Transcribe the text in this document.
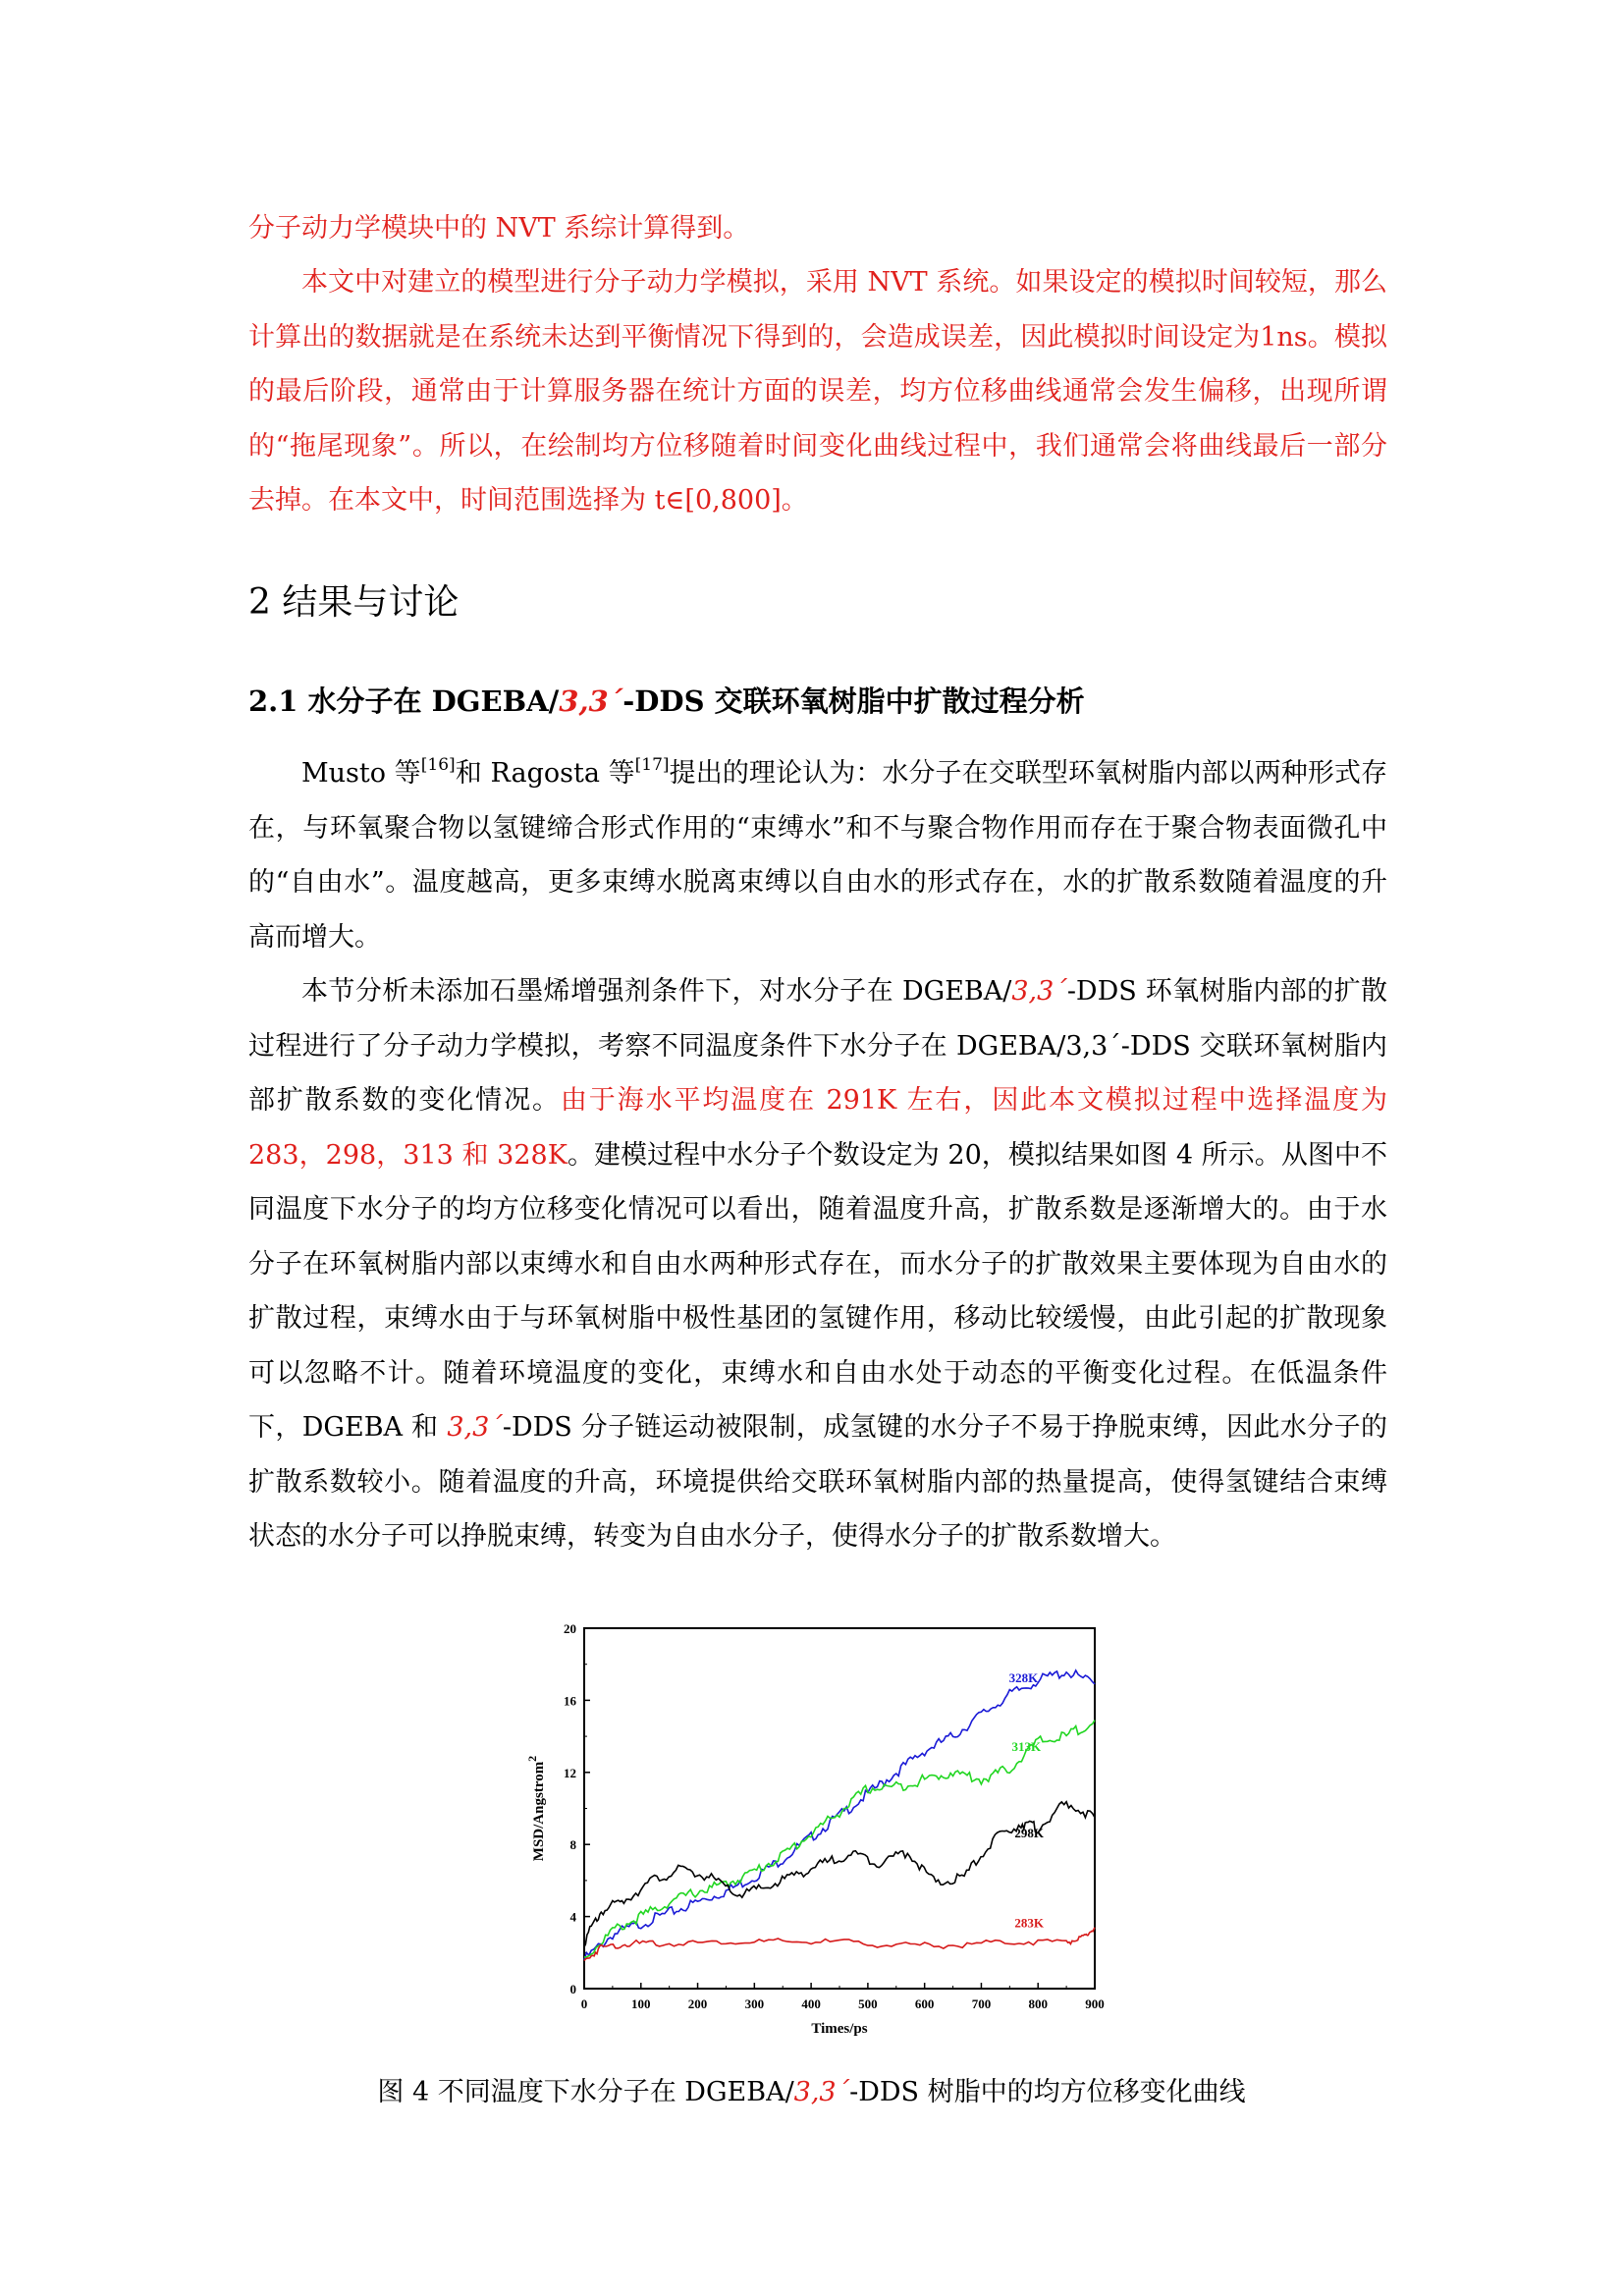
分子动力学模块中的 NVT 系综计算得到。

本文中对建立的模型进行分子动力学模拟，采用 NVT 系统。如果设定的模拟时间较短，那么计算出的数据就是在系统未达到平衡情况下得到的，会造成误差，因此模拟时间设定为1ns。模拟的最后阶段，通常由于计算服务器在统计方面的误差，均方位移曲线通常会发生偏移，出现所谓的“拖尾现象”。所以，在绘制均方位移随着时间变化曲线过程中，我们通常会将曲线最后一部分去掉。在本文中，时间范围选择为 t∈[0,800]。

2 结果与讨论
2.1 水分子在 DGEBA/3,3´-DDS 交联环氧树脂中扩散过程分析

Musto 等[16]和 Ragosta 等[17]提出的理论认为：水分子在交联型环氧树脂内部以两种形式存在，与环氧聚合物以氢键缔合形式作用的“束缚水”和不与聚合物作用而存在于聚合物表面微孔中的“自由水”。温度越高，更多束缚水脱离束缚以自由水的形式存在，水的扩散系数随着温度的升高而增大。

本节分析未添加石墨烯增强剂条件下，对水分子在 DGEBA/3,3´-DDS 环氧树脂内部的扩散过程进行了分子动力学模拟，考察不同温度条件下水分子在 DGEBA/3,3´-DDS 交联环氧树脂内部扩散系数的变化情况。由于海水平均温度在 291K 左右，因此本文模拟过程中选择温度为 283，298，313 和 328K。建模过程中水分子个数设定为 20，模拟结果如图 4 所示。从图中不同温度下水分子的均方位移变化情况可以看出，随着温度升高，扩散系数是逐渐增大的。由于水分子在环氧树脂内部以束缚水和自由水两种形式存在，而水分子的扩散效果主要体现为自由水的扩散过程，束缚水由于与环氧树脂中极性基团的氢键作用，移动比较缓慢，由此引起的扩散现象可以忽略不计。随着环境温度的变化，束缚水和自由水处于动态的平衡变化过程。在低温条件下，DGEBA 和 3,3´-DDS 分子链运动被限制，成氢键的水分子不易于挣脱束缚，因此水分子的扩散系数较小。随着温度的升高，环境提供给交联环氧树脂内部的热量提高，使得氢键结合束缚状态的水分子可以挣脱束缚，转变为自由水分子，使得水分子的扩散系数增大。

0	100	200	300	400	500	600	700	800	900
0
4
8
12
16
20
Times/ps
MSD/Angstrom$^2$
328K
313K
298K
283K
图 4 不同温度下水分子在 DGEBA/3,3´-DDS 树脂中的均方位移变化曲线
